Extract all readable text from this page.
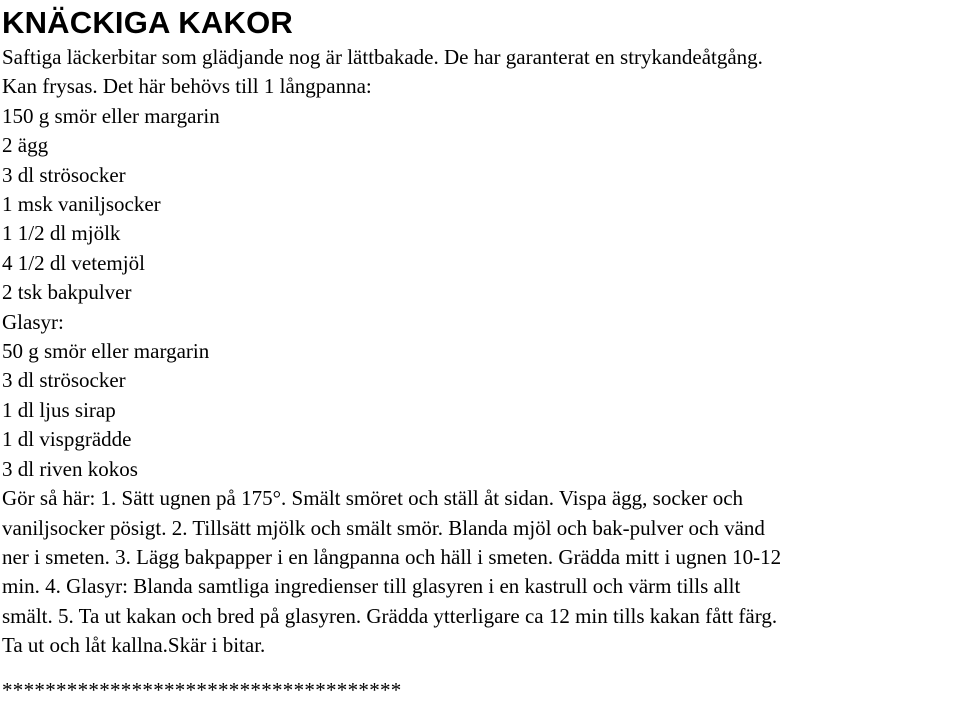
KNÄCKIGA KAKOR
Saftiga läckerbitar som glädjande nog är lättbakade. De har garanterat en strykandeåtgång.
Kan frysas. Det här behövs till 1 långpanna:
150 g smör eller margarin
2 ägg
3 dl strösocker
1 msk vaniljsocker
1 1/2 dl mjölk
4 1/2 dl vetemjöl
2 tsk bakpulver
Glasyr:
50 g smör eller margarin
3 dl strösocker
1 dl ljus sirap
1 dl vispgrädde
3 dl riven kokos
Gör så här: 1. Sätt ugnen på 175°. Smält smöret och ställ åt sidan. Vispa ägg, socker och
vaniljsocker pösigt. 2. Tillsätt mjölk och smält smör. Blanda mjöl och bak-pulver och vänd
ner i smeten. 3. Lägg bakpapper i en långpanna och häll i smeten. Grädda mitt i ugnen 10-12
min. 4. Glasyr: Blanda samtliga ingredienser till glasyren i en kastrull och värm tills allt
smält. 5. Ta ut kakan och bred på glasyren. Grädda ytterligare ca 12 min tills kakan fått färg.
Ta ut och låt kallna.Skär i bitar.
*************************************
